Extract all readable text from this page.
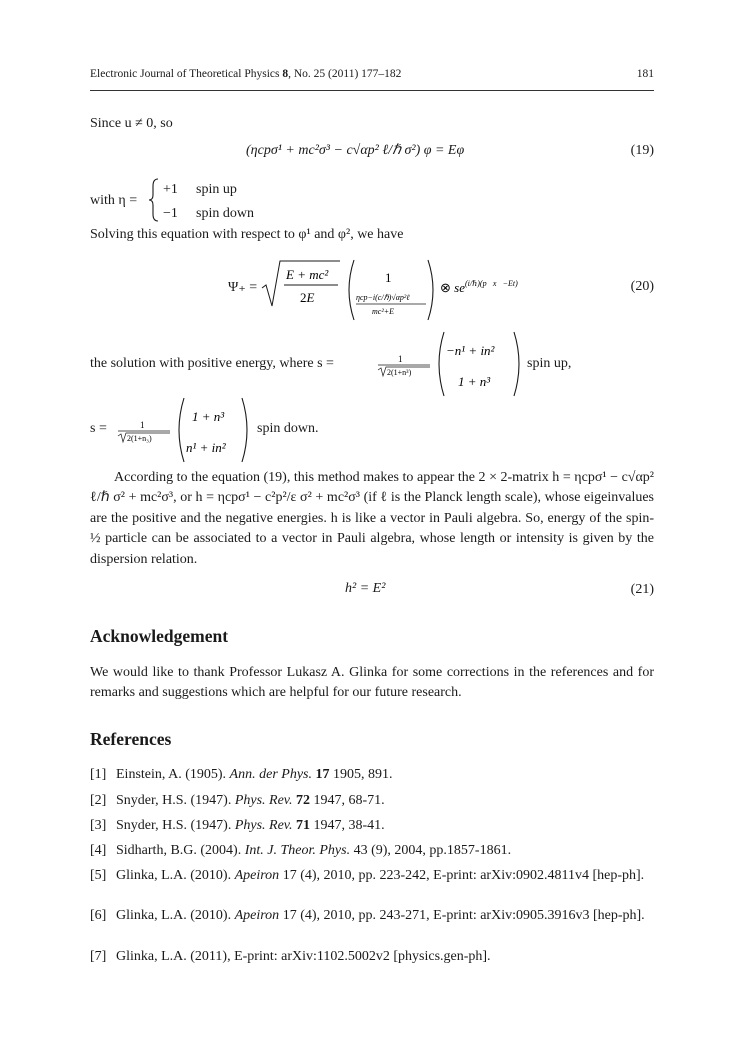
Electronic Journal of Theoretical Physics 8, No. 25 (2011) 177–182	181
Since u ≠ 0, so
(ηcpσ¹ + mc²σ³ − c√αp² ℓ/ℏ σ²) φ = Eφ	(19)
with η =
+1 spin up
−1 spin down
Solving this equation with respect to φ¹ and φ², we have
Ψ₊ =
E + mc²
2E
1
ηcp−i(c/ℏ)√αp²ℓ
mc²+E
⊗ $se^{(i/\hbar)(p⃗x⃗-Et)}$	(20)
the solution with positive energy, where s =	1
2(1+n³)
−n¹ + in²
1 + n³
spin up,
s =	1
2(1+n₃)
1 + n³
n¹ + in²
spin down.
According to the equation (19), this method makes to appear the 2 × 2-matrix h = ηcpσ¹ − c√αp² ℓ/ℏ σ² + mc²σ³, or h = ηcpσ¹ − c²p²/ε σ² + mc²σ³ (if ℓ is the Planck length scale), whose eigeinvalues are the positive and the negative energies. h is like a vector in Pauli algebra. So, energy of the spin-½ particle can be associated to a vector in Pauli algebra, whose length or intensity is given by the dispersion relation.
h² = E²	(21)
Acknowledgement
We would like to thank Professor Lukasz A. Glinka for some corrections in the references and for remarks and suggestions which are helpful for our future research.
References
[1] Einstein, A. (1905). Ann. der Phys. 17 1905, 891.
[2] Snyder, H.S. (1947). Phys. Rev. 72 1947, 68-71.
[3] Snyder, H.S. (1947). Phys. Rev. 71 1947, 38-41.
[4] Sidharth, B.G. (2004). Int. J. Theor. Phys. 43 (9), 2004, pp.1857-1861.
[5] Glinka, L.A. (2010). Apeiron 17 (4), 2010, pp. 223-242, E-print: arXiv:0902.4811v4 [hep-ph].
[6] Glinka, L.A. (2010). Apeiron 17 (4), 2010, pp. 243-271, E-print: arXiv:0905.3916v3 [hep-ph].
[7] Glinka, L.A. (2011), E-print: arXiv:1102.5002v2 [physics.gen-ph].
